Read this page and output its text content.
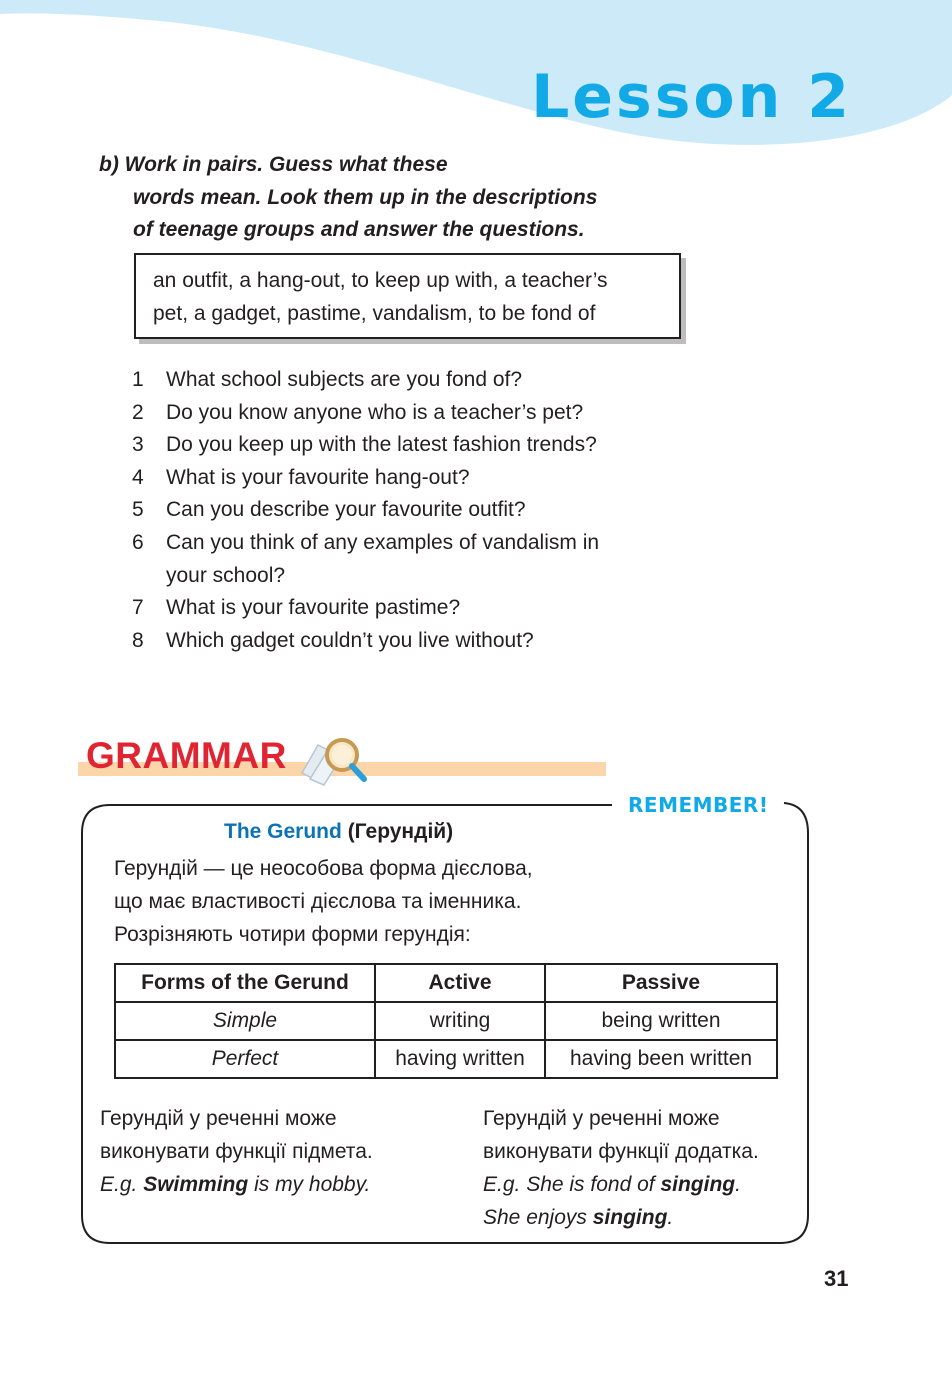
Lesson 2
b) Work in pairs. Guess what these
words mean. Look them up in the descriptions
of teenage groups and answer the questions.
an outfit, a hang-out, to keep up with, a teacher’s
pet, a gadget, pastime, vandalism, to be fond of
1	What school subjects are you fond of?
2	Do you know anyone who is a teacher’s pet?
3	Do you keep up with the latest fashion trends?
4	What is your favourite hang-out?
5	Can you describe your favourite outfit?
6	Can you think of any examples of vandalism in
your school?
7	What is your favourite pastime?
8	Which gadget couldn’t you live without?
GRAMMAR

REMEMBER!

The Gerund (Герундій)

Герундій — це неособова форма дієслова,
що має властивості дієслова та іменника.
Розрізняють чотири форми герундія:
Forms of the Gerund	Active	Passive
Simple	writing	being written
Perfect	having written	having been written
Герундій у реченні може
виконувати функції підмета.
E.g. Swimming is my hobby.
Герундій у реченні може
виконувати функції додатка.
E.g. She is fond of singing.
She enjoys singing.

31
